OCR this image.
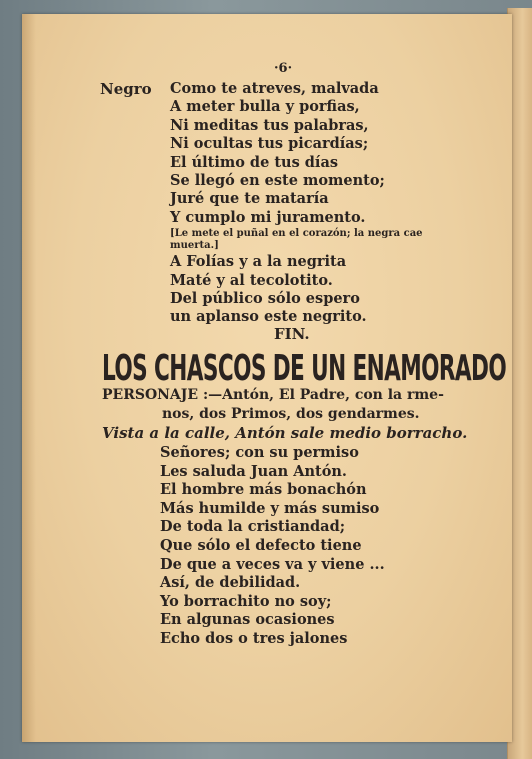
·6·
Negro Como te atreves, malvada
A meter bulla y porfias,
Ni meditas tus palabras,
Ni ocultas tus picardías;
El último de tus días
Se llegó en este momento;
Juré que te mataría
Y cumplo mi juramento.
[Le mete el puñal en el corazón; la negra cae muerta.]
A Folías y a la negrita
Maté y al tecolotito.
Del público sólo espero
un aplanso este negrito.
FIN.
LOS CHASCOS DE UN ENAMORADO
PERSONAJE :—Antón, El Padre, con la rme-
nos, dos Primos, dos gendarmes.
Vista a la calle, Antón sale medio borracho.
Señores; con su permiso
Les saluda Juan Antón.
El hombre más bonachón
Más humilde y más sumiso
De toda la cristiandad;
Que sólo el defecto tiene
De que a veces va y viene ...
Así, de debilidad.
Yo borrachito no soy;
En algunas ocasiones
Echo dos o tres jalones
